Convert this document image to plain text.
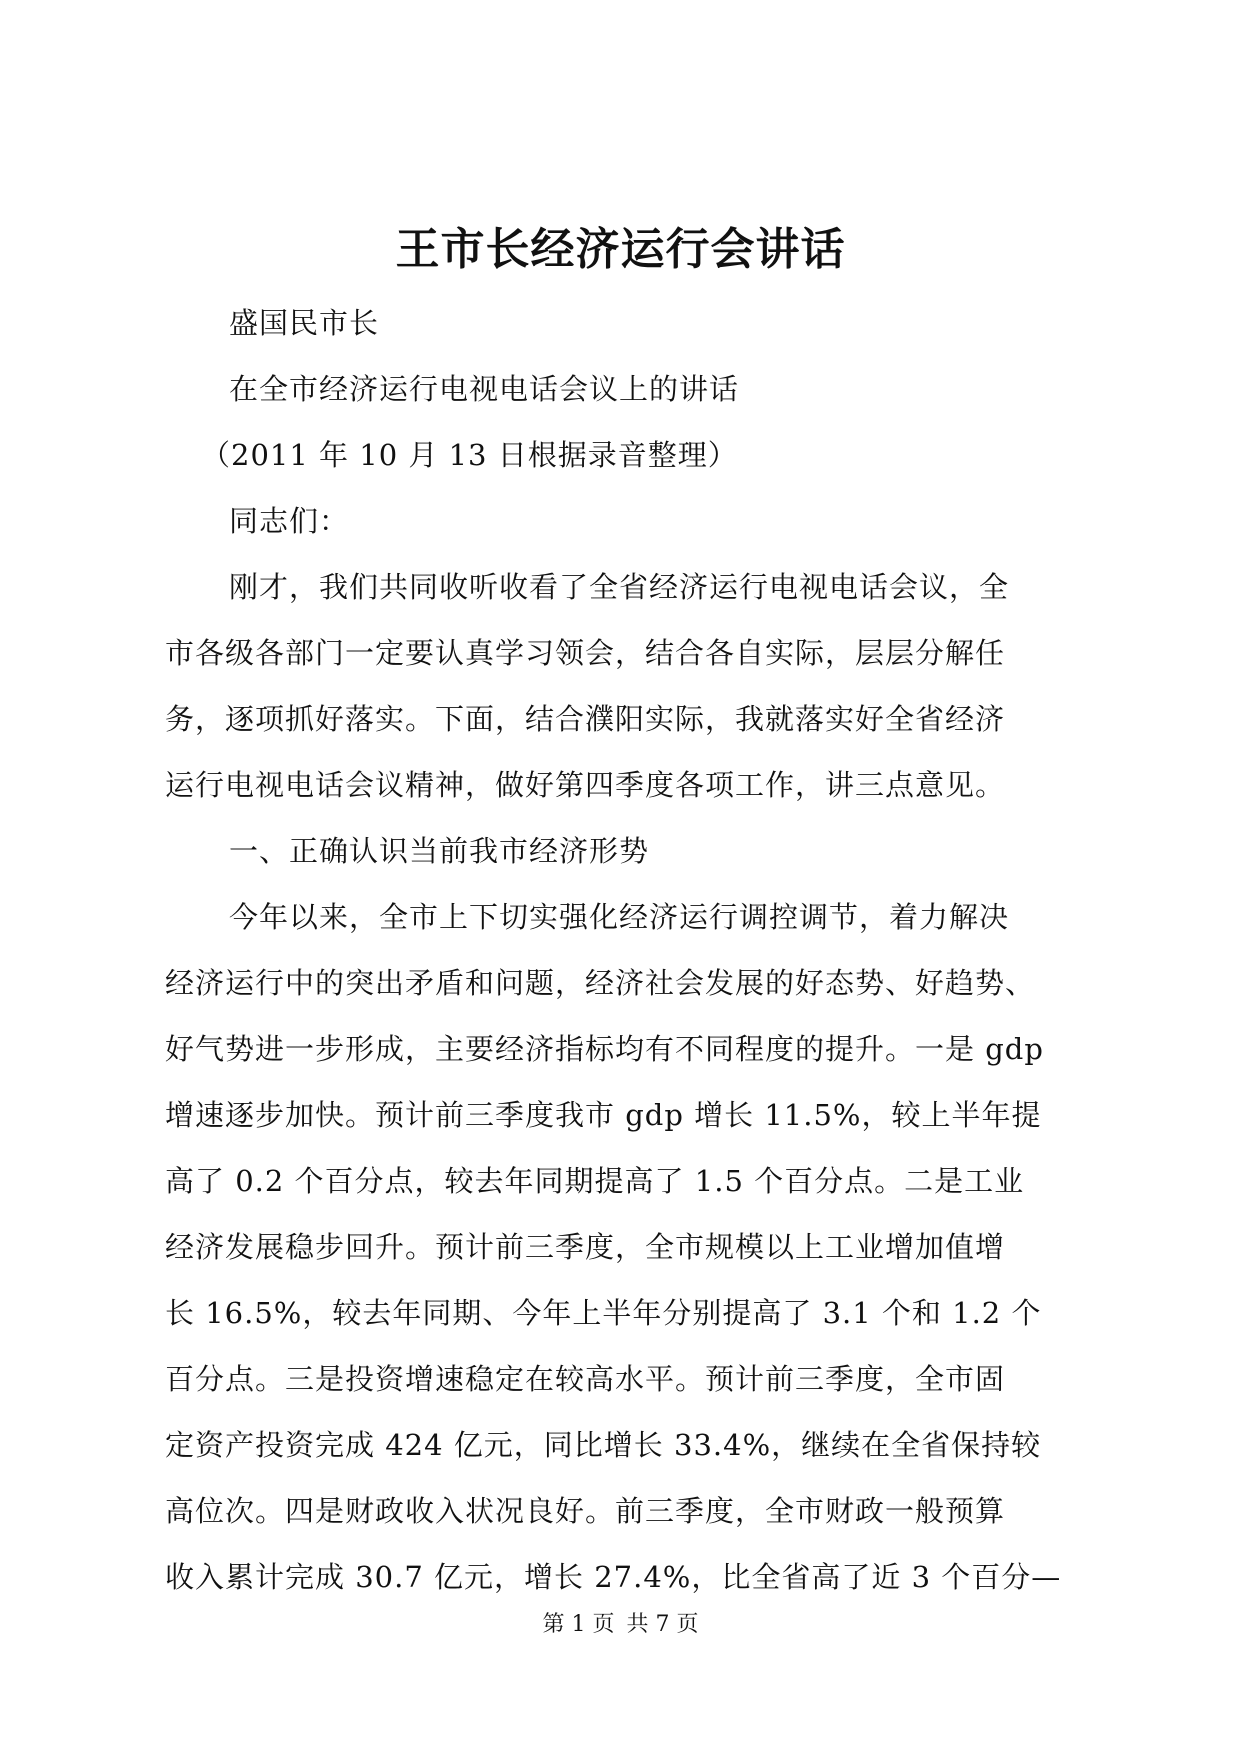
王市长经济运行会讲话
盛国民市长
在全市经济运行电视电话会议上的讲话
（2011 年 10 月 13 日根据录音整理）
同志们：
刚才，我们共同收听收看了全省经济运行电视电话会议，全
市各级各部门一定要认真学习领会，结合各自实际，层层分解任
务，逐项抓好落实。下面，结合濮阳实际，我就落实好全省经济
运行电视电话会议精神，做好第四季度各项工作，讲三点意见。
一、正确认识当前我市经济形势
今年以来，全市上下切实强化经济运行调控调节，着力解决
经济运行中的突出矛盾和问题，经济社会发展的好态势、好趋势、
好气势进一步形成，主要经济指标均有不同程度的提升。一是 gdp
增速逐步加快。预计前三季度我市 gdp 增长 11.5%，较上半年提
高了 0.2 个百分点，较去年同期提高了 1.5 个百分点。二是工业
经济发展稳步回升。预计前三季度，全市规模以上工业增加值增
长 16.5%，较去年同期、今年上半年分别提高了 3.1 个和 1.2 个
百分点。三是投资增速稳定在较高水平。预计前三季度，全市固
定资产投资完成 424 亿元，同比增长 33.4%，继续在全省保持较
高位次。四是财政收入状况良好。前三季度，全市财政一般预算
收入累计完成 30.7 亿元，增长 27.4%，比全省高了近 3 个百分—
第 1 页 共 7 页
